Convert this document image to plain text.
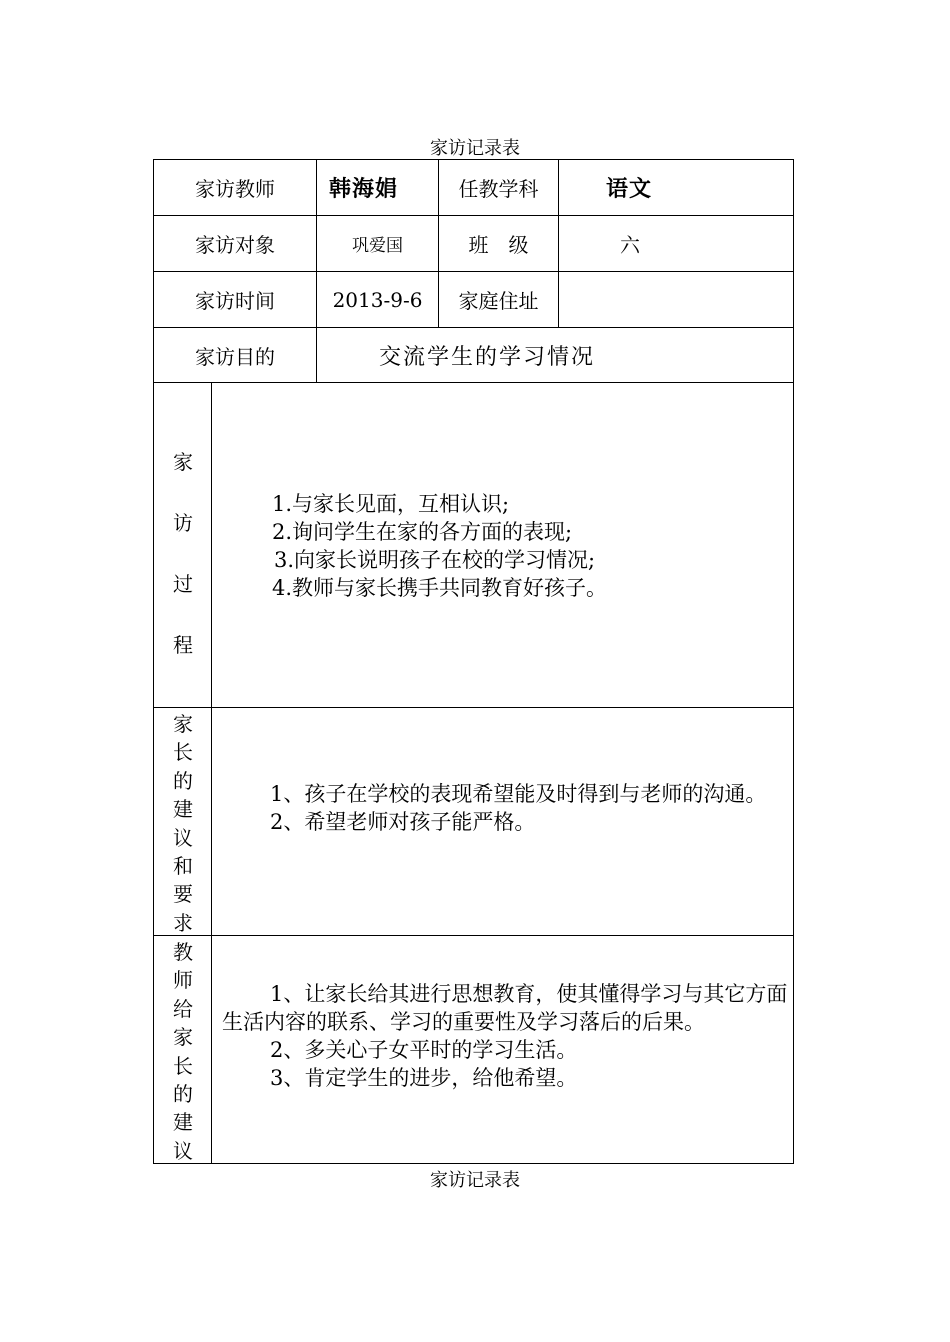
家访记录表
家访教师	韩海娟	任教学科	语文
家访对象	巩爱国	班　级	六
家访时间	2013-9-6	家庭住址
家访目的	交流学生的学习情况
家
访
过
程

1.与家长见面，互相认识;

2.询问学生在家的各方面的表现;

3.向家长说明孩子在校的学习情况;

4.教师与家长携手共同教育好孩子。

家
长
的
建
议
和
要
求

1、孩子在学校的表现希望能及时得到与老师的沟通。

2、希望老师对孩子能严格。

教
师
给
家
长
的
建
议

1、让家长给其进行思想教育，使其懂得学习与其它方面生活内容的联系、学习的重要性及学习落后的后果。

2、多关心子女平时的学习生活。

3、肯定学生的进步，给他希望。

家访记录表
